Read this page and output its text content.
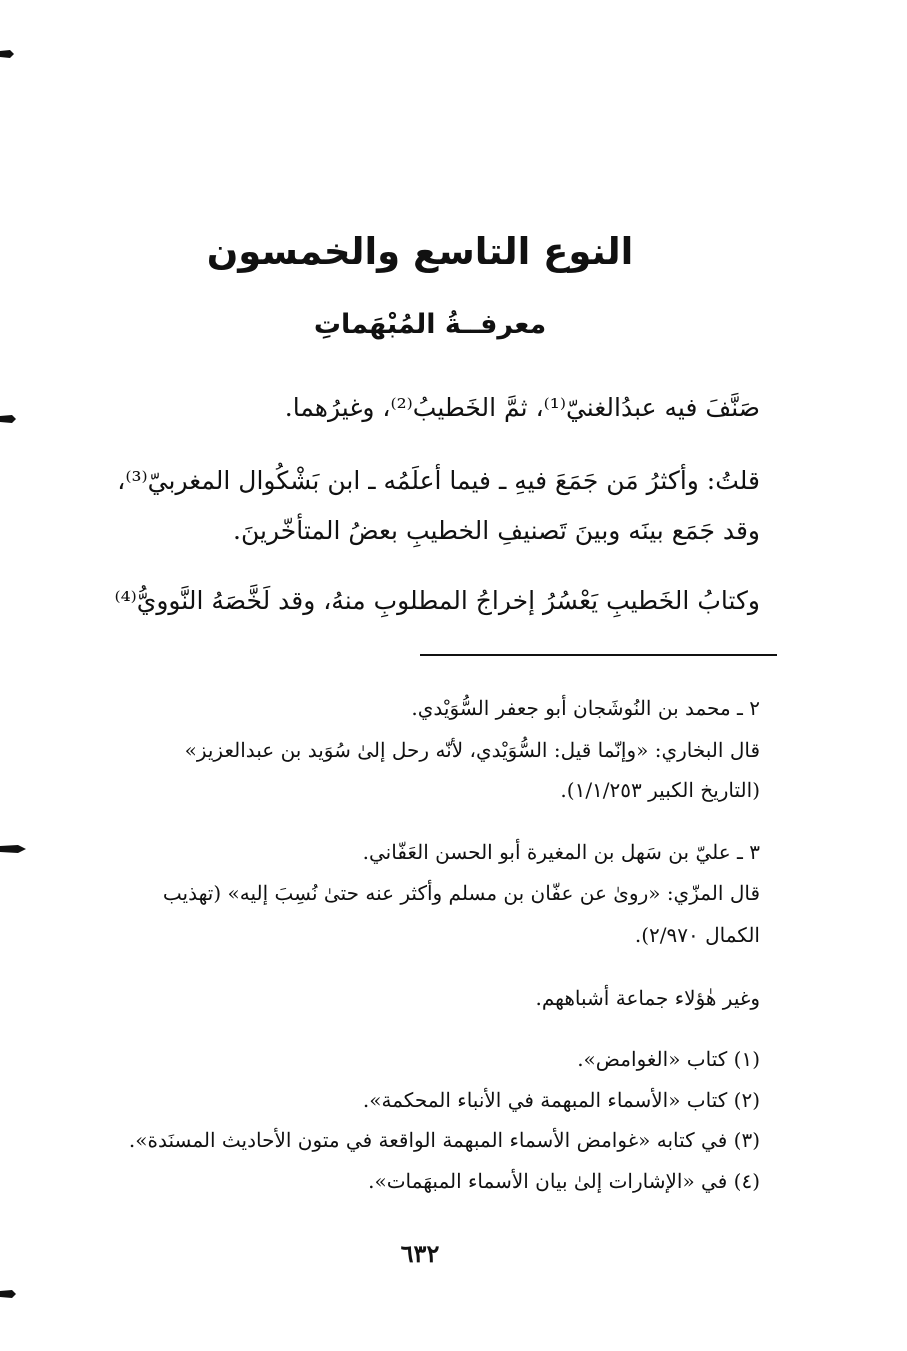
النوع التاسع والخمسون
معرفــةُ المُبْهَماتِ
صَنَّفَ فيه عبدُالغنيّ⁽¹⁾، ثمَّ الخَطيبُ⁽²⁾، وغيرُهما.
قلتُ: وأكثرُ مَن جَمَعَ فيهِ ـ فيما أعلَمُه ـ ابن بَشْكُوال المغربيّ⁽³⁾،
وقد جَمَع بينَه وبينَ تَصنيفِ الخطيبِ بعضُ المتأخّرينَ.
وكتابُ الخَطيبِ يَعْسُرُ إخراجُ المطلوبِ منهُ، وقد لَخَّصَهُ النَّوويُّ⁽⁴⁾
٢ ـ محمد بن النُوشَجان أبو جعفر السُّوَيْدي.
قال البخاري: «وإنّما قيل: السُّوَيْدي، لأنّه رحل إلىٰ سُوَيد بن عبدالعزيز»
(التاريخ الكبير ١/١/٢٥٣).
٣ ـ عليّ بن سَهل بن المغيرة أبو الحسن العَفّاني.
قال المزّي: «روىٰ عن عفّان بن مسلم وأكثر عنه حتىٰ نُسِبَ إليه» (تهذيب
الكمال ٢/٩٧٠).
وغير هٰؤلاء جماعة أشباههم.
(١) كتاب «الغوامض».
(٢) كتاب «الأسماء المبهمة في الأنباء المحكمة».
(٣) في كتابه «غوامض الأسماء المبهمة الواقعة في متون الأحاديث المسنَدة».
(٤) في «الإشارات إلىٰ بيان الأسماء المبهَمات».
٦٣٢
